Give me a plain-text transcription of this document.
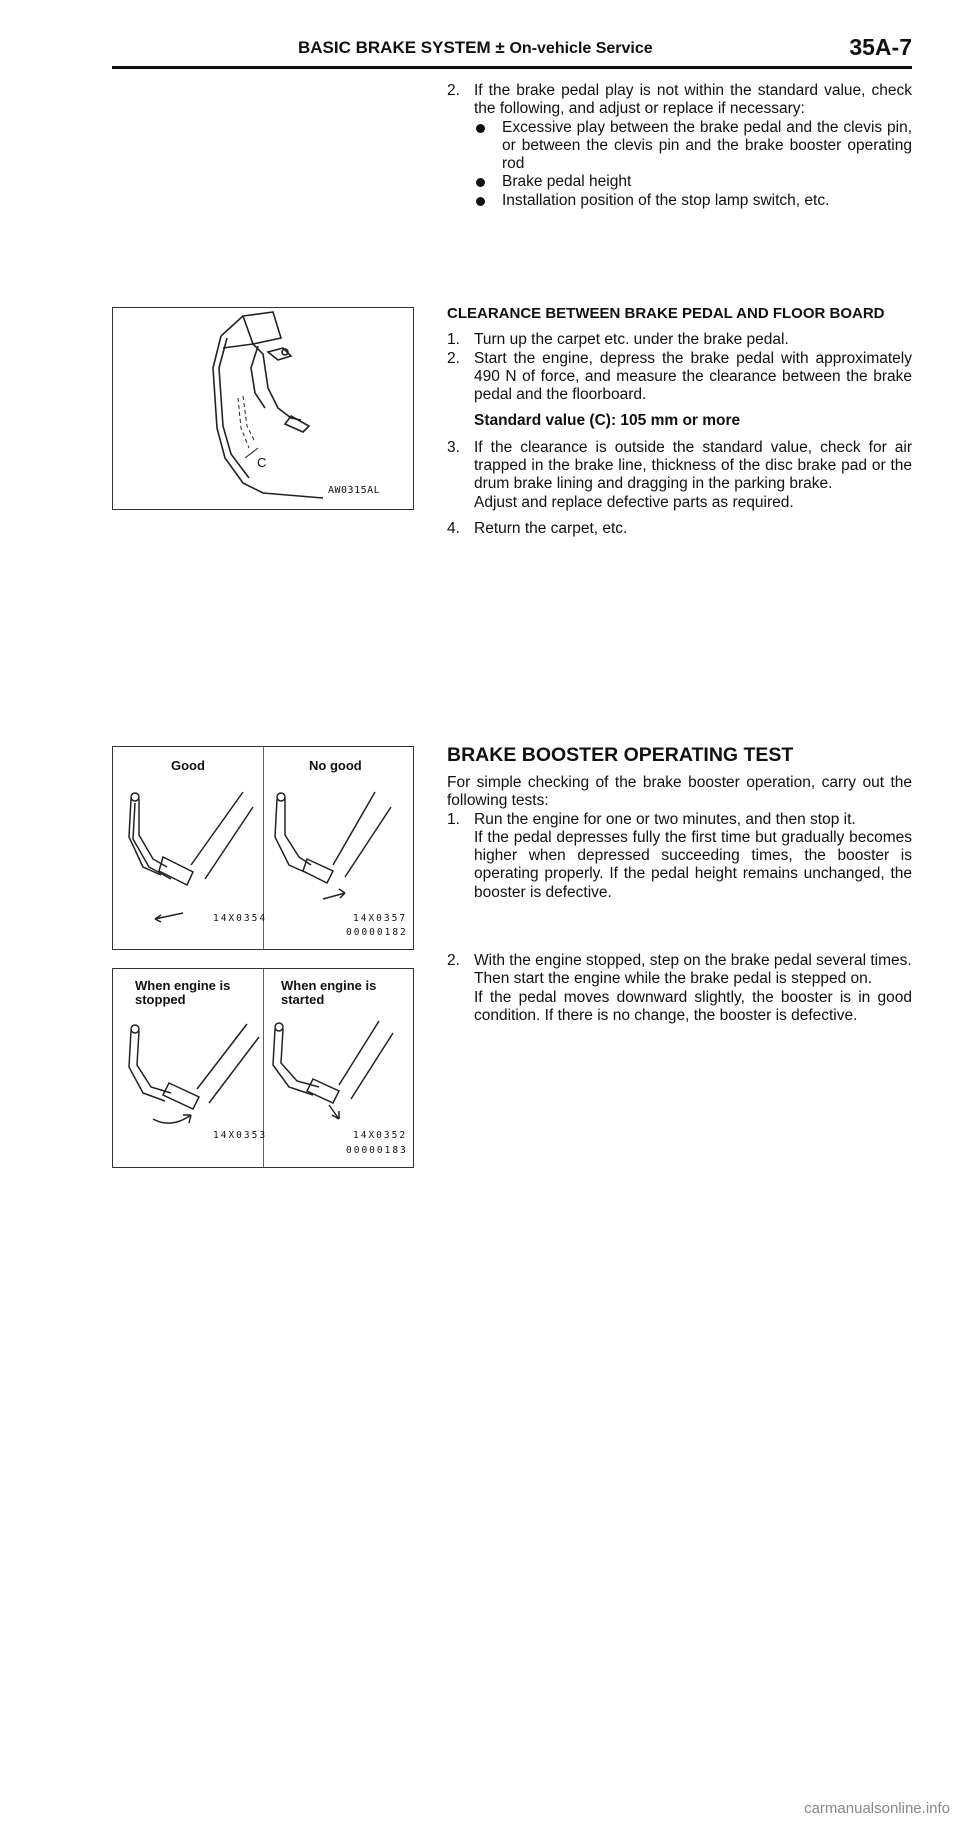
BASIC BRAKE SYSTEM ± On-vehicle Service	35A-7

2. If the brake pedal play is not within the standard value, check the following, and adjust or replace if necessary:

Excessive play between the brake pedal and the clevis pin, or between the clevis pin and the brake booster operating rod

Brake pedal height

Installation position of the stop lamp switch, etc.

C
AW0315AL

CLEARANCE BETWEEN BRAKE PEDAL AND FLOOR BOARD

1. Turn up the carpet etc. under the brake pedal.

2. Start the engine, depress the brake pedal with approximately 490 N of force, and measure the clearance between the brake pedal and the floorboard.

Standard value (C): 105 mm or more

3. If the clearance is outside the standard value, check for air trapped in the brake line, thickness of the disc brake pad or the drum brake lining and dragging in the parking brake.

Adjust and replace defective parts as required.

4. Return the carpet, etc.

Good	No good
14X0354	14X0357
00000182

BRAKE BOOSTER OPERATING TEST

For simple checking of the brake booster operation, carry out the following tests:

1. Run the engine for one or two minutes, and then stop it.

If the pedal depresses fully the first time but gradually becomes higher when depressed succeeding times, the booster is operating properly. If the pedal height remains unchanged, the booster is defective.

2. With the engine stopped, step on the brake pedal several times.

Then start the engine while the brake pedal is stepped on.

If the pedal moves downward slightly, the booster is in good condition. If there is no change, the booster is defective.

When engine is stopped
When engine is started
14X0353	14X0352
00000183
carmanualsonline.info
